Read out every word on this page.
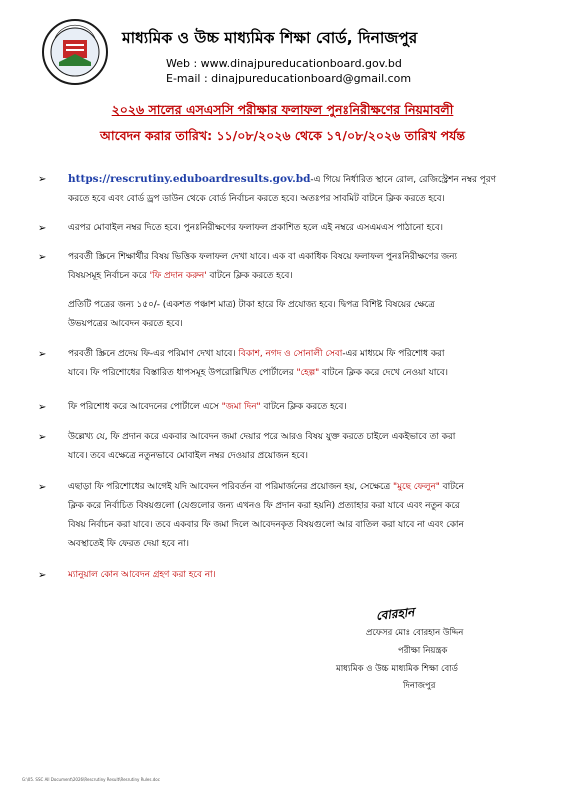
মাধ্যমিক ও উচ্চ মাধ্যমিক শিক্ষা বোর্ড, দিনাজপুর
Web : www.dinajpureducationboard.gov.bd
E-mail : dinajpureducationboard@gmail.com
২০২৬ সালের এসএসসি পরীক্ষার ফলাফল পুনঃনিরীক্ষণের নিয়মাবলী
আবেদন করার তারিখ: ১১/০৮/২০২৬ থেকে ১৭/০৮/২০২৬ তারিখ পর্যন্ত
➢ https://rescrutiny.eduboardresults.gov.bd-এ গিয়ে নির্ধারিত স্থানে রোল, রেজিস্ট্রেশন নম্বর পূরণ
করতে হবে এবং বোর্ড ড্রপ ডাউন থেকে বোর্ড নির্বাচন করতে হবে। অতঃপর সাবমিট বাটনে ক্লিক করতে হবে।
➢ এরপর মোবাইল নম্বর দিতে হবে। পুনঃনিরীক্ষণের ফলাফল প্রকাশিত হলে এই নম্বরে এসএমএস পাঠানো হবে।
➢ পরবর্তী স্ক্রিনে শিক্ষার্থীর বিষয় ভিত্তিক ফলাফল দেখা যাবে। এক বা একাধিক বিষয়ে ফলাফল পুনঃনিরীক্ষণের জন্য
বিষয়সমূহ নির্বাচন করে 'ফি প্রদান করুন' বাটনে ক্লিক করতে হবে।
প্রতিটি পত্রের জন্য ১৫০/- (একশত পঞ্চাশ মাত্র) টাকা হারে ফি প্রযোজ্য হবে। দ্বিপত্র বিশিষ্ট বিষয়ের ক্ষেত্রে
উভয়পত্রের আবেদন করতে হবে।
➢ পরবর্তী স্ক্রিনে প্রদেয় ফি-এর পরিমাণ দেখা যাবে। বিকাশ, নগদ ও সোনালী সেবা-এর মাধ্যমে ফি পরিশোধ করা
যাবে। ফি পরিশোধের বিস্তারিত ধাপসমূহ উপরোল্লিখিত পোর্টালের "হেল্প" বাটনে ক্লিক করে দেখে নেওয়া যাবে।
➢ ফি পরিশোধ করে আবেদনের পোর্টালে এসে "জমা দিন" বাটনে ক্লিক করতে হবে।
➢ উল্লেখ্য যে, ফি প্রদান করে একবার আবেদন জমা দেয়ার পরে আরও বিষয় যুক্ত করতে চাইলে একইভাবে তা করা
যাবে। তবে এক্ষেত্রে নতুনভাবে মোবাইল নম্বর দেওয়ার প্রয়োজন হবে।
➢ এছাড়া ফি পরিশোধের আগেই যদি আবেদন পরিবর্তন বা পরিমার্জনের প্রয়োজন হয়, সেক্ষেত্রে "মুছে ফেলুন" বাটনে
ক্লিক করে নির্বাচিত বিষয়গুলো (যেগুলোর জন্য এখনও ফি প্রদান করা হয়নি) প্রত্যাহার করা যাবে এবং নতুন করে
বিষয় নির্বাচন করা যাবে। তবে একবার ফি জমা দিলে আবেদনকৃত বিষয়গুলো আর বাতিল করা যাবে না এবং কোন
অবস্থাতেই ফি ফেরত দেয়া হবে না।
➢ ম্যানুয়াল কোন আবেদন গ্রহণ করা হবে না।
বোরহান
প্রফেসর মোঃ বোরহান উদ্দিন
পরীক্ষা নিয়ন্ত্রক
মাধ্যমিক ও উচ্চ মাধ্যমিক শিক্ষা বোর্ড
দিনাজপুর
G:\05. SSC All Document\2026\Rescrutiny Result\Resrutiny Rules.doc
